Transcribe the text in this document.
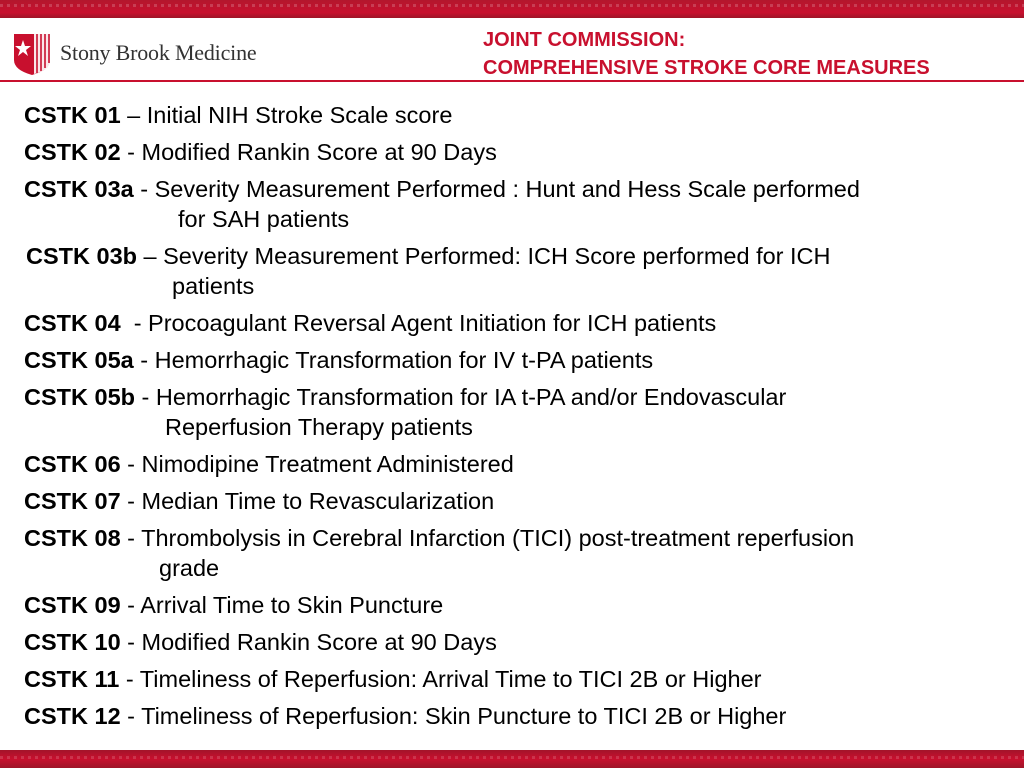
Stony Brook Medicine	JOINT COMMISSION:
COMPREHENSIVE STROKE CORE MEASURES
CSTK 01 – Initial NIH Stroke Scale score
CSTK 02 - Modified Rankin Score at 90 Days
CSTK 03a - Severity Measurement Performed : Hunt and Hess Scale performed
for SAH patients
CSTK 03b – Severity Measurement Performed: ICH Score performed for ICH
patients
CSTK 04  - Procoagulant Reversal Agent Initiation for ICH patients
CSTK 05a - Hemorrhagic Transformation for IV t-PA patients
CSTK 05b - Hemorrhagic Transformation for IA t-PA and/or Endovascular
Reperfusion Therapy patients
CSTK 06 - Nimodipine Treatment Administered
CSTK 07 - Median Time to Revascularization
CSTK 08 - Thrombolysis in Cerebral Infarction (TICI) post-treatment reperfusion
grade
CSTK 09 - Arrival Time to Skin Puncture
CSTK 10 - Modified Rankin Score at 90 Days
CSTK 11 - Timeliness of Reperfusion: Arrival Time to TICI 2B or Higher
CSTK 12 - Timeliness of Reperfusion: Skin Puncture to TICI 2B or Higher
